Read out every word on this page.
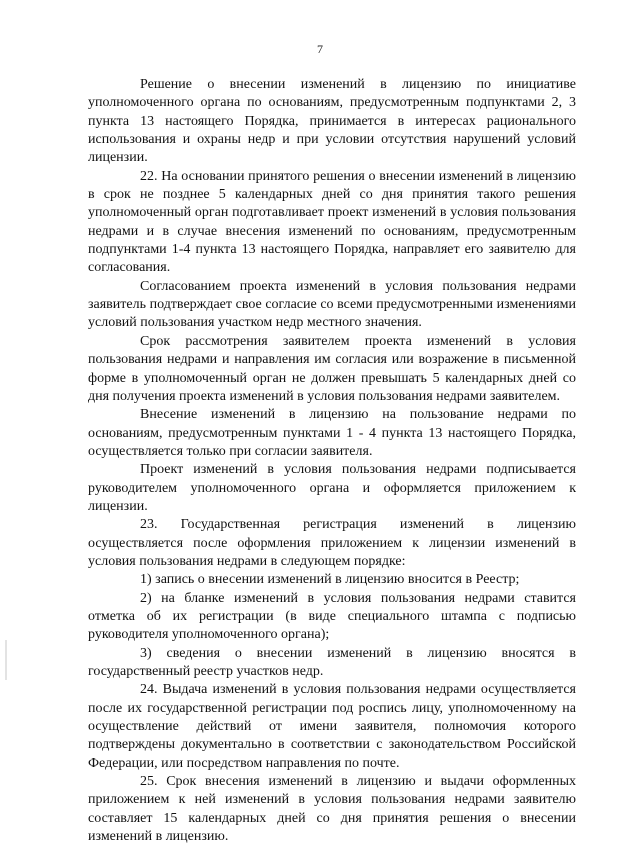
7

Решение о внесении изменений в лицензию по инициативе уполномоченного органа по основаниям, предусмотренным подпунктами 2, 3 пункта 13 настоящего Порядка, принимается в интересах рационального использования и охраны недр и при условии отсутствия нарушений условий лицензии.

22. На основании принятого решения о внесении изменений в лицензию в срок не позднее 5 календарных дней со дня принятия такого решения уполномоченный орган подготавливает проект изменений в условия пользования недрами и в случае внесения изменений по основаниям, предусмотренным подпунктами 1-4 пункта 13 настоящего Порядка, направляет его заявителю для согласования.

Согласованием проекта изменений в условия пользования недрами заявитель подтверждает свое согласие со всеми предусмотренными изменениями условий пользования участком недр местного значения.

Срок рассмотрения заявителем проекта изменений в условия пользования недрами и направления им согласия или возражение в письменной форме в уполномоченный орган не должен превышать 5 календарных дней со дня получения проекта изменений в условия пользования недрами заявителем.

Внесение изменений в лицензию на пользование недрами по основаниям, предусмотренным пунктами 1 - 4 пункта 13 настоящего Порядка, осуществляется только при согласии заявителя.

Проект изменений в условия пользования недрами подписывается руководителем уполномоченного органа и оформляется приложением к лицензии.

23. Государственная регистрация изменений в лицензию осуществляется после оформления приложением к лицензии изменений в условия пользования недрами в следующем порядке:

1) запись о внесении изменений в лицензию вносится в Реестр;

2) на бланке изменений в условия пользования недрами ставится отметка об их регистрации (в виде специального штампа с подписью руководителя уполномоченного органа);

3) сведения о внесении изменений в лицензию вносятся в государственный реестр участков недр.

24. Выдача изменений в условия пользования недрами осуществляется после их государственной регистрации под роспись лицу, уполномоченному на осуществление действий от имени заявителя, полномочия которого подтверждены документально в соответствии с законодательством Российской Федерации, или посредством направления по почте.

25. Срок внесения изменений в лицензию и выдачи оформленных приложением к ней изменений в условия пользования недрами заявителю составляет 15 календарных дней со дня принятия решения о внесении изменений в лицензию.
